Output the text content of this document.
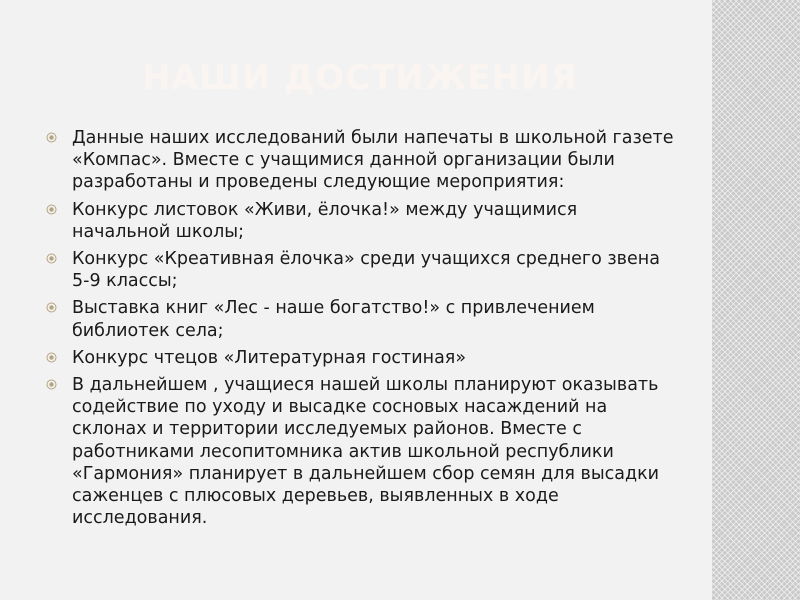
НАШИ ДОСТИЖЕНИЯ
Данные наших исследований были напечаты в школьной газете «Компас». Вместе с учащимися данной организации были разработаны и проведены следующие мероприятия:
Конкурс листовок «Живи, ёлочка!» между учащимися начальной школы;
Конкурс «Креативная ёлочка» среди учащихся среднего звена 5-9 классы;
Выставка книг «Лес - наше богатство!» с привлечением библиотек села;
Конкурс чтецов «Литературная гостиная»
В дальнейшем , учащиеся нашей школы планируют оказывать содействие по уходу и высадке сосновых насаждений на склонах и территории исследуемых районов. Вместе с работниками лесопитомника актив школьной республики «Гармония» планирует в дальнейшем сбор семян для высадки саженцев с плюсовых деревьев, выявленных в ходе исследования.
